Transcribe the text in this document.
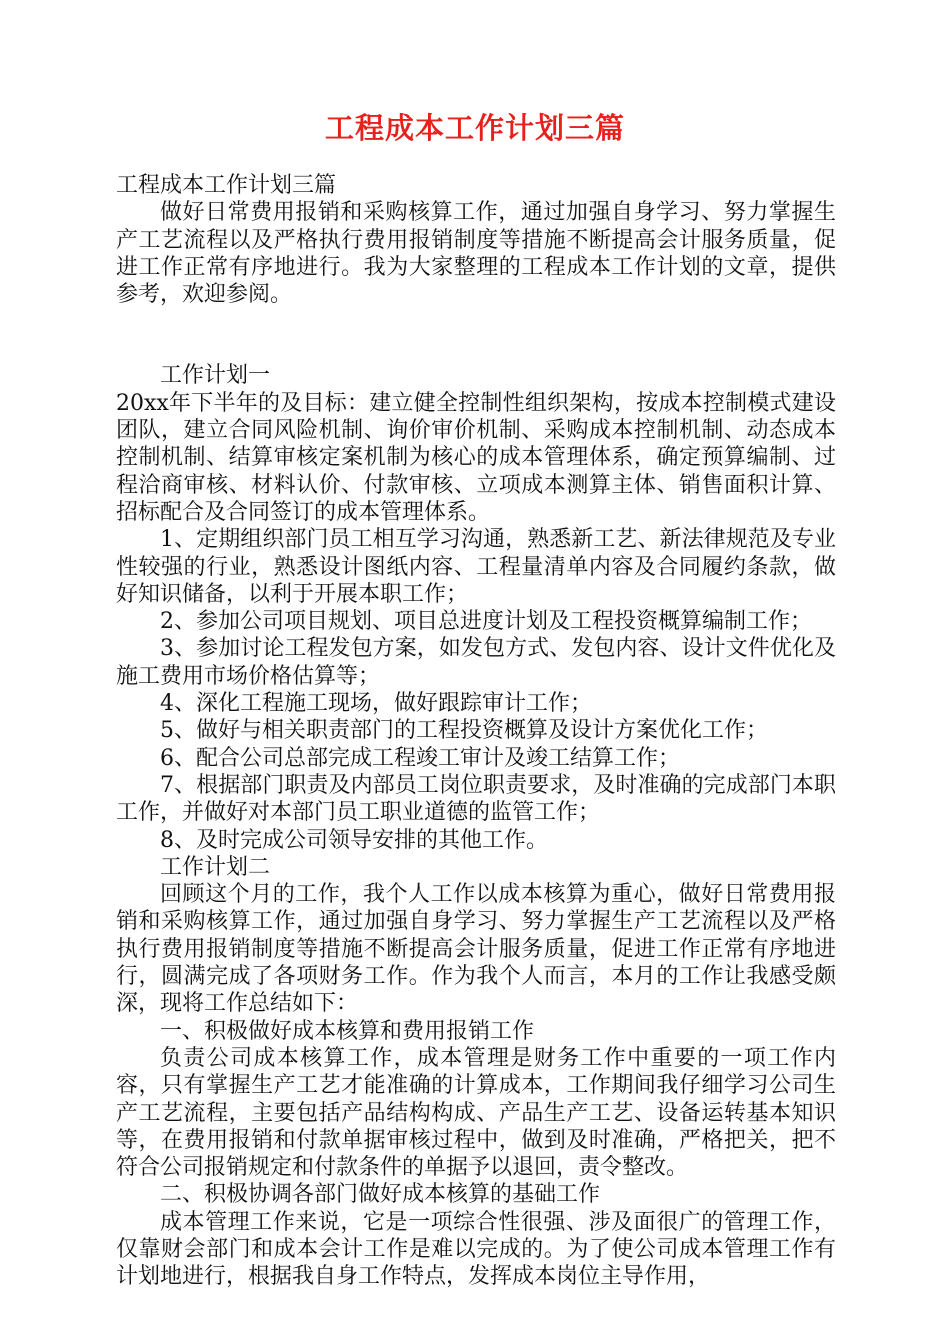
工程成本工作计划三篇

工程成本工作计划三篇

做好日常费用报销和采购核算工作，通过加强自身学习、努力掌握生产工艺流程以及严格执行费用报销制度等措施不断提高会计服务质量，促进工作正常有序地进行。我为大家整理的工程成本工作计划的文章，提供参考，欢迎参阅。

工作计划一

20xx年下半年的及目标：建立健全控制性组织架构，按成本控制模式建设团队，建立合同风险机制、询价审价机制、采购成本控制机制、动态成本控制机制、结算审核定案机制为核心的成本管理体系，确定预算编制、过程洽商审核、材料认价、付款审核、立项成本测算主体、销售面积计算、招标配合及合同签订的成本管理体系。

1、定期组织部门员工相互学习沟通，熟悉新工艺、新法律规范及专业性较强的行业，熟悉设计图纸内容、工程量清单内容及合同履约条款，做好知识储备，以利于开展本职工作；

2、参加公司项目规划、项目总进度计划及工程投资概算编制工作；

3、参加讨论工程发包方案，如发包方式、发包内容、设计文件优化及施工费用市场价格估算等；

4、深化工程施工现场，做好跟踪审计工作；

5、做好与相关职责部门的工程投资概算及设计方案优化工作；

6、配合公司总部完成工程竣工审计及竣工结算工作；

7、根据部门职责及内部员工岗位职责要求，及时准确的完成部门本职工作，并做好对本部门员工职业道德的监管工作；

8、及时完成公司领导安排的其他工作。

工作计划二

回顾这个月的工作，我个人工作以成本核算为重心，做好日常费用报销和采购核算工作，通过加强自身学习、努力掌握生产工艺流程以及严格执行费用报销制度等措施不断提高会计服务质量，促进工作正常有序地进行，圆满完成了各项财务工作。作为我个人而言，本月的工作让我感受颇深，现将工作总结如下：

一、积极做好成本核算和费用报销工作

负责公司成本核算工作，成本管理是财务工作中重要的一项工作内容，只有掌握生产工艺才能准确的计算成本，工作期间我仔细学习公司生产工艺流程，主要包括产品结构构成、产品生产工艺、设备运转基本知识等，在费用报销和付款单据审核过程中，做到及时准确，严格把关，把不符合公司报销规定和付款条件的单据予以退回，责令整改。

二、积极协调各部门做好成本核算的基础工作

成本管理工作来说，它是一项综合性很强、涉及面很广的管理工作，仅靠财会部门和成本会计工作是难以完成的。为了使公司成本管理工作有计划地进行，根据我自身工作特点，发挥成本岗位主导作用，
